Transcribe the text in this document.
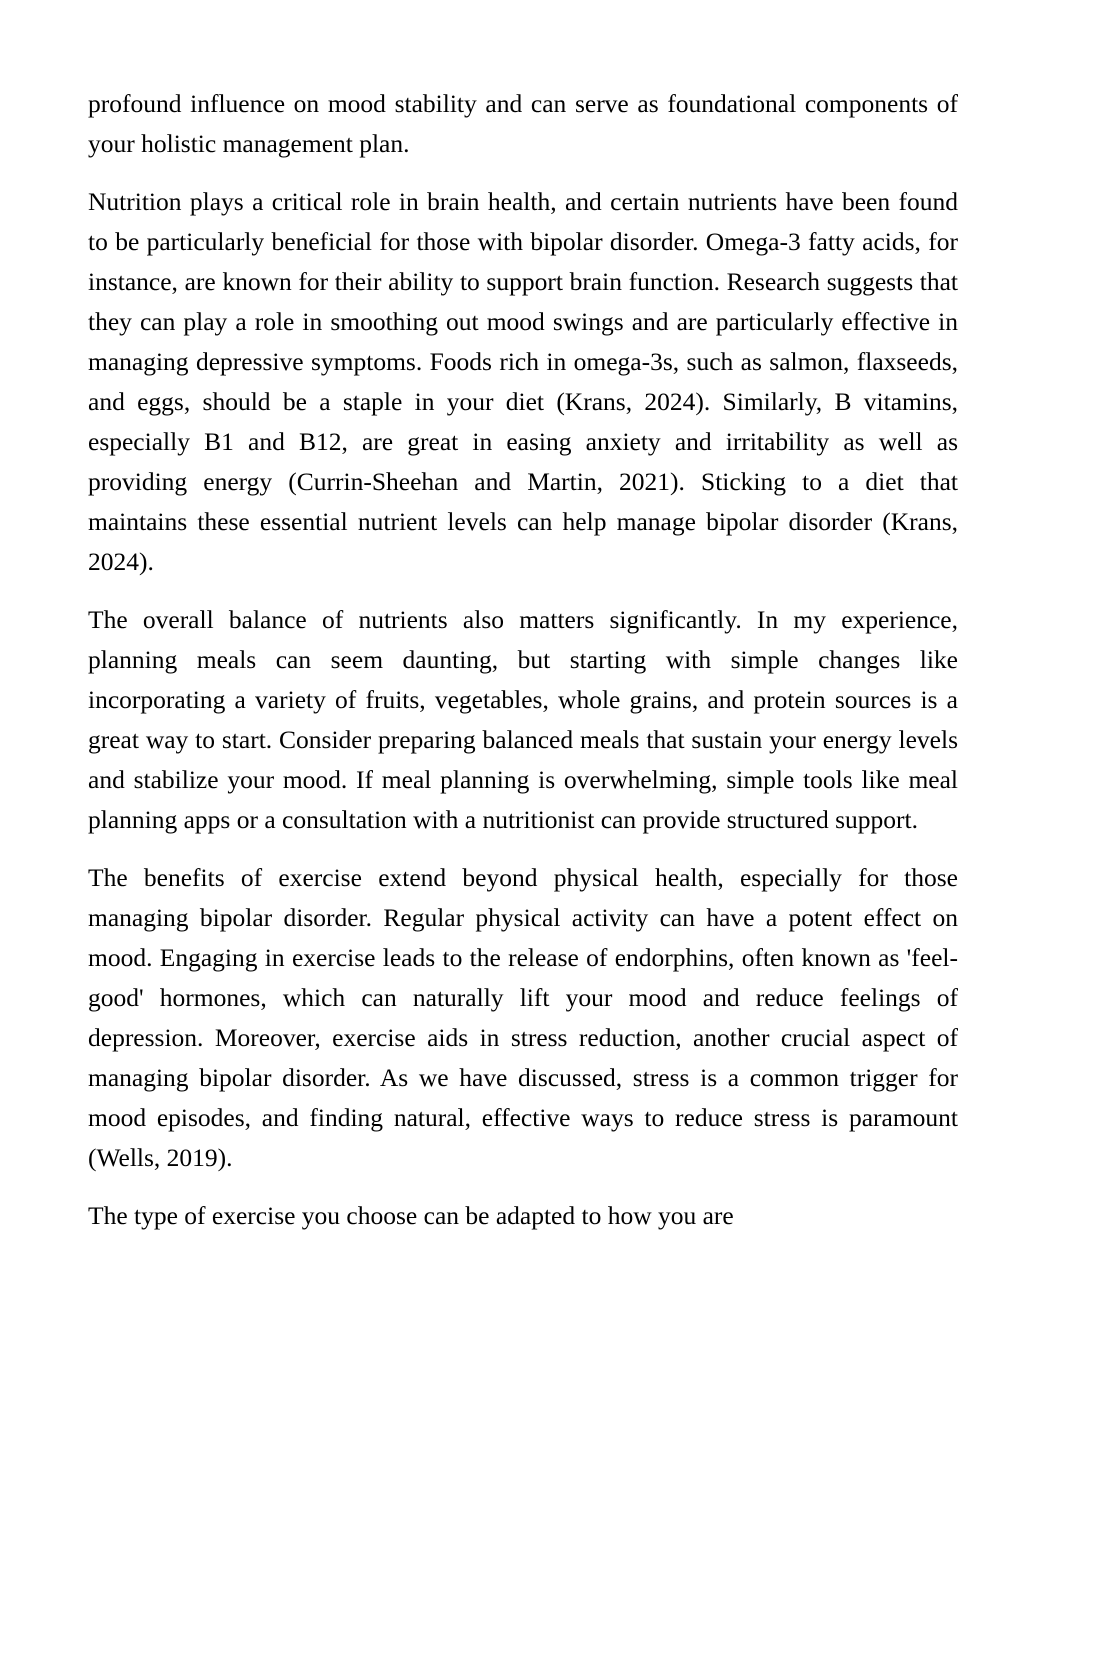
profound influence on mood stability and can serve as foundational components of your holistic management plan.

Nutrition plays a critical role in brain health, and certain nutrients have been found to be particularly beneficial for those with bipolar disorder. Omega-3 fatty acids, for instance, are known for their ability to support brain function. Research suggests that they can play a role in smoothing out mood swings and are particularly effective in managing depressive symptoms. Foods rich in omega-3s, such as salmon, flaxseeds, and eggs, should be a staple in your diet (Krans, 2024). Similarly, B vitamins, especially B1 and B12, are great in easing anxiety and irritability as well as providing energy (Currin-Sheehan and Martin, 2021). Sticking to a diet that maintains these essential nutrient levels can help manage bipolar disorder (Krans, 2024).

The overall balance of nutrients also matters significantly. In my experience, planning meals can seem daunting, but starting with simple changes like incorporating a variety of fruits, vegetables, whole grains, and protein sources is a great way to start. Consider preparing balanced meals that sustain your energy levels and stabilize your mood. If meal planning is overwhelming, simple tools like meal planning apps or a consultation with a nutritionist can provide structured support.

The benefits of exercise extend beyond physical health, especially for those managing bipolar disorder. Regular physical activity can have a potent effect on mood. Engaging in exercise leads to the release of endorphins, often known as 'feel-good' hormones, which can naturally lift your mood and reduce feelings of depression. Moreover, exercise aids in stress reduction, another crucial aspect of managing bipolar disorder. As we have discussed, stress is a common trigger for mood episodes, and finding natural, effective ways to reduce stress is paramount (Wells, 2019).

The type of exercise you choose can be adapted to how you are
